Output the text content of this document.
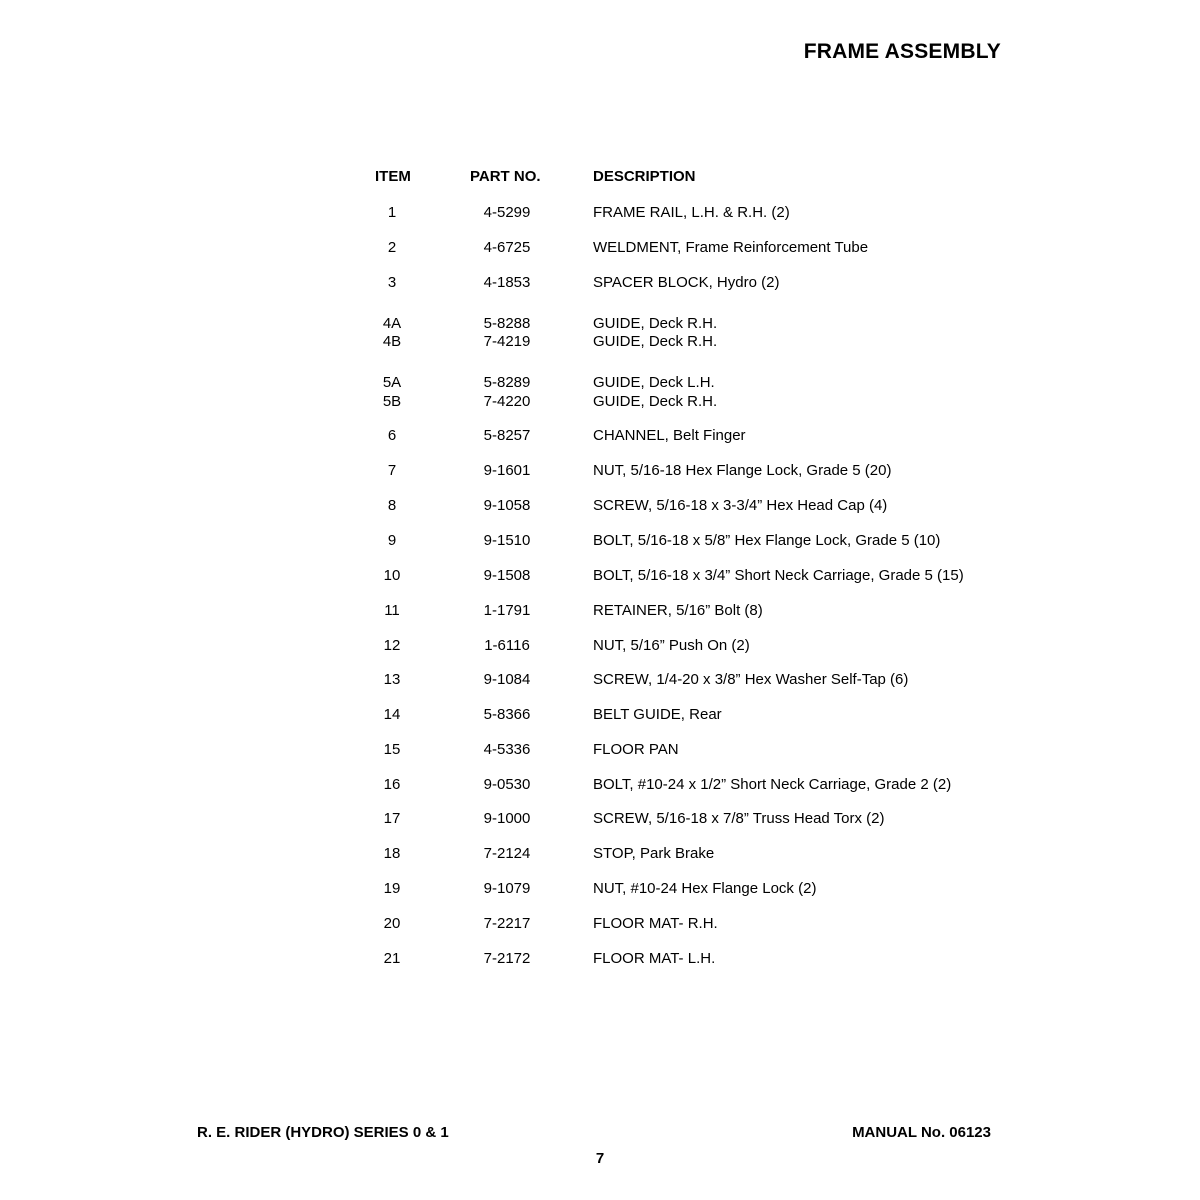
FRAME ASSEMBLY
ITEM	PART NO.	DESCRIPTION
1	4-5299	FRAME RAIL, L.H. & R.H. (2)
2	4-6725	WELDMENT, Frame Reinforcement Tube
3	4-1853	SPACER BLOCK, Hydro (2)
4A	5-8288	GUIDE, Deck R.H.
4B	7-4219	GUIDE, Deck R.H.
5A	5-8289	GUIDE, Deck L.H.
5B	7-4220	GUIDE, Deck R.H.
6	5-8257	CHANNEL, Belt Finger
7	9-1601	NUT, 5/16-18 Hex Flange Lock, Grade 5 (20)
8	9-1058	SCREW, 5/16-18 x 3-3/4” Hex Head Cap (4)
9	9-1510	BOLT, 5/16-18 x 5/8” Hex Flange Lock, Grade 5 (10)
10	9-1508	BOLT, 5/16-18 x 3/4” Short Neck Carriage, Grade 5 (15)
11	1-1791	RETAINER, 5/16” Bolt (8)
12	1-6116	NUT, 5/16” Push On (2)
13	9-1084	SCREW, 1/4-20 x 3/8” Hex Washer Self-Tap (6)
14	5-8366	BELT GUIDE, Rear
15	4-5336	FLOOR PAN
16	9-0530	BOLT, #10-24 x 1/2” Short Neck Carriage, Grade 2 (2)
17	9-1000	SCREW, 5/16-18 x 7/8” Truss Head Torx (2)
18	7-2124	STOP, Park Brake
19	9-1079	NUT, #10-24 Hex Flange Lock (2)
20	7-2217	FLOOR MAT- R.H.
21	7-2172	FLOOR MAT- L.H.
R. E. RIDER (HYDRO) SERIES 0 & 1	MANUAL No. 06123
7
